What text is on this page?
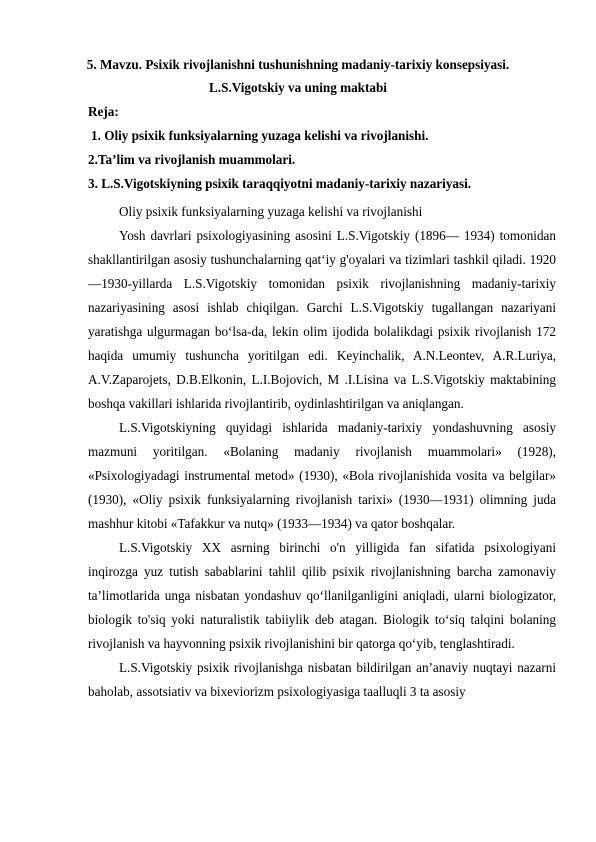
5. Mavzu. Psixik rivojlanishni tushunishning madaniy-tarixiy konsepsiyasi.
L.S.Vigotskiy va uning maktabi
Reja:
1. Oliy psixik funksiyalarning yuzaga kelishi va rivojlanishi.
2.Ta’lim va rivojlanish muammolari.
3. L.S.Vigotskiyning psixik taraqqiyotni madaniy-tarixiy nazariyasi.

Oliy psixik funksiyalarning yuzaga kelishi va rivojlanishi

Yosh davrlari psixologiyasining asosini L.S.Vigotskiy (1896— 1934) tomonidan shakllantirilgan asosiy tushunchalarning qat‘iy g'oyalari va tizimlari tashkil qiladi. 1920—1930-yillarda L.S.Vigotskiy tomonidan psixik rivojlanishning madaniy-tarixiy nazariyasining asosi ishlab chiqilgan. Garchi L.S.Vigotskiy tugallangan nazariyani yaratishga ulgurmagan bo‘lsa-da, lekin olim ijodida bolalikdagi psixik rivojlanish 172 haqida umumiy tushuncha yoritilgan edi. Keyinchalik, A.N.Leontev, A.R.Luriya, A.V.Zaparojets, D.B.Elkonin, L.I.Bojovich, M .I.Lisina va L.S.Vigotskiy maktabining boshqa vakillari ishlarida rivojlantirib, oydinlashtirilgan va aniqlangan.

L.S.Vigotskiyning quyidagi ishlarida madaniy-tarixiy yondashuvning asosiy mazmuni yoritilgan. «Bolaning madaniy rivojlanish muammolari» (1928), «Psixologiyadagi instrumental metod» (1930), «Bola rivojlanishida vosita va belgilar» (1930), «Oliy psixik funksiyalarning rivojlanish tarixi» (1930—1931) olimning juda mashhur kitobi «Tafakkur va nutq» (1933—1934) va qator boshqalar.

L.S.Vigotskiy XX asrning birinchi o'n yilligida fan sifatida psixologiyani inqirozga yuz tutish sabablarini tahlil qilib psixik rivojlanishning barcha zamonaviy ta’limotlarida unga nisbatan yondashuv qo‘llanilganligini aniqladi, ularni biologizator, biologik to'siq yoki naturalistik tabiiylik deb atagan. Biologik to‘siq talqini bolaning rivojlanish va hayvonning psixik rivojlanishini bir qatorga qo‘yib, tenglashtiradi.

L.S.Vigotskiy psixik rivojlanishga nisbatan bildirilgan an’anaviy nuqtayi nazarni baholab, assotsiativ va bixeviorizm psixologiyasiga taalluqli 3 ta asosiy
